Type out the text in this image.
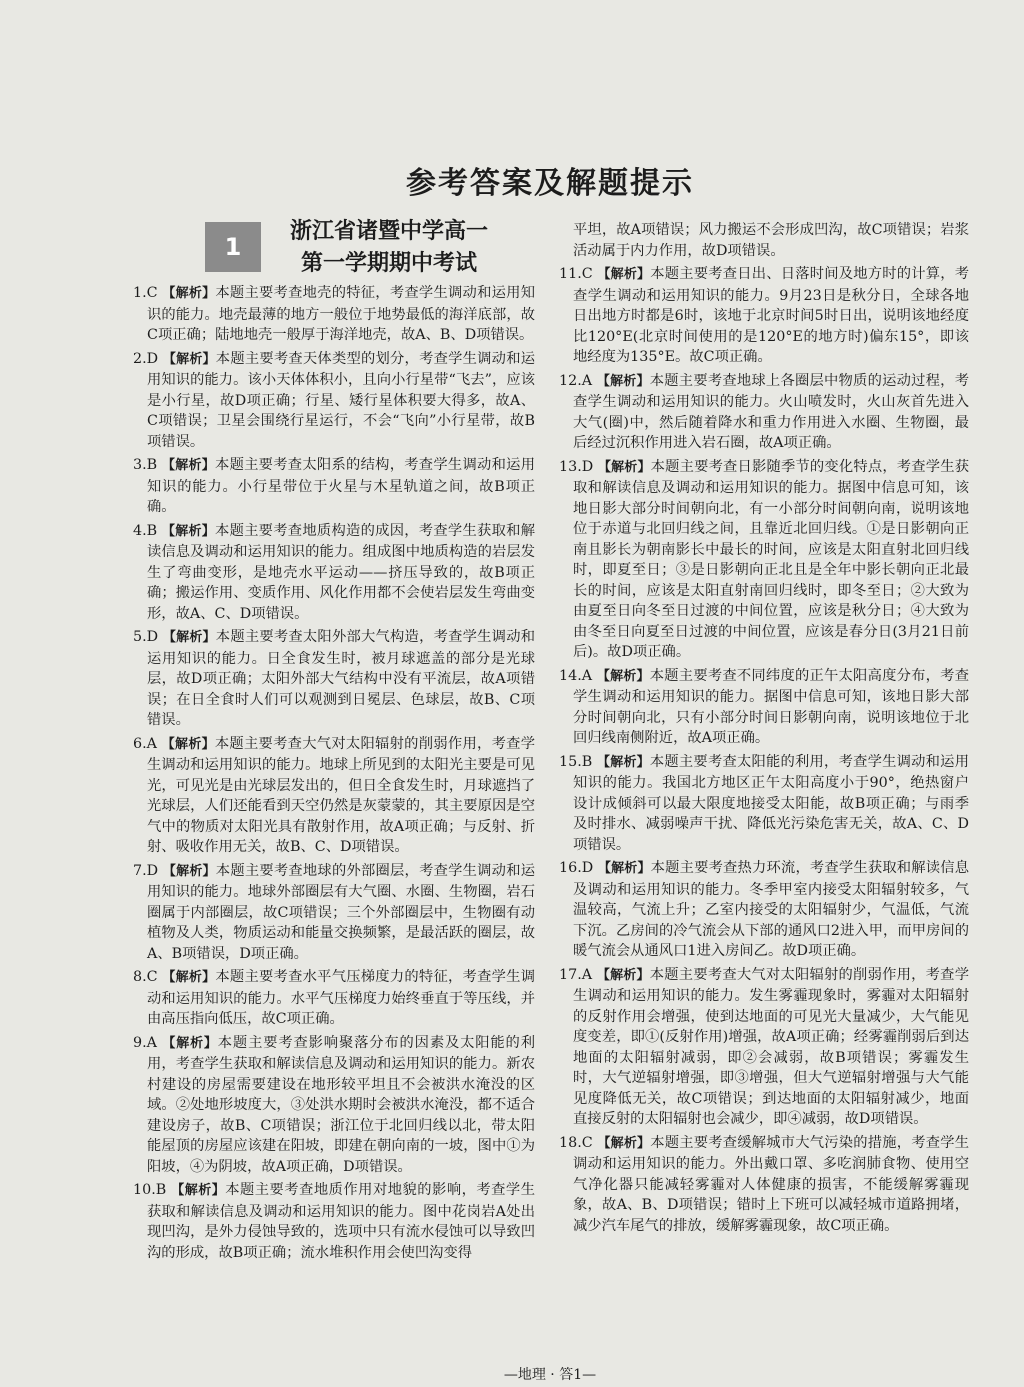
参考答案及解题提示
1
浙江省诸暨中学高一
第一学期期中考试

1.C 【解析】本题主要考查地壳的特征，考查学生调动和运用知识的能力。地壳最薄的地方一般位于地势最低的海洋底部，故C项正确；陆地地壳一般厚于海洋地壳，故A、B、D项错误。

2.D 【解析】本题主要考查天体类型的划分，考查学生调动和运用知识的能力。该小天体体积小，且向小行星带“飞去”，应该是小行星，故D项正确；行星、矮行星体积要大得多，故A、C项错误；卫星会围绕行星运行，不会“飞向”小行星带，故B项错误。

3.B 【解析】本题主要考查太阳系的结构，考查学生调动和运用知识的能力。小行星带位于火星与木星轨道之间，故B项正确。

4.B 【解析】本题主要考查地质构造的成因，考查学生获取和解读信息及调动和运用知识的能力。组成图中地质构造的岩层发生了弯曲变形，是地壳水平运动——挤压导致的，故B项正确；搬运作用、变质作用、风化作用都不会使岩层发生弯曲变形，故A、C、D项错误。

5.D 【解析】本题主要考查太阳外部大气构造，考查学生调动和运用知识的能力。日全食发生时，被月球遮盖的部分是光球层，故D项正确；太阳外部大气结构中没有平流层，故A项错误；在日全食时人们可以观测到日冕层、色球层，故B、C项错误。

6.A 【解析】本题主要考查大气对太阳辐射的削弱作用，考查学生调动和运用知识的能力。地球上所见到的太阳光主要是可见光，可见光是由光球层发出的，但日全食发生时，月球遮挡了光球层，人们还能看到天空仍然是灰蒙蒙的，其主要原因是空气中的物质对太阳光具有散射作用，故A项正确；与反射、折射、吸收作用无关，故B、C、D项错误。

7.D 【解析】本题主要考查地球的外部圈层，考查学生调动和运用知识的能力。地球外部圈层有大气圈、水圈、生物圈，岩石圈属于内部圈层，故C项错误；三个外部圈层中，生物圈有动植物及人类，物质运动和能量交换频繁，是最活跃的圈层，故A、B项错误，D项正确。

8.C 【解析】本题主要考查水平气压梯度力的特征，考查学生调动和运用知识的能力。水平气压梯度力始终垂直于等压线，并由高压指向低压，故C项正确。

9.A 【解析】本题主要考查影响聚落分布的因素及太阳能的利用，考查学生获取和解读信息及调动和运用知识的能力。新农村建设的房屋需要建设在地形较平坦且不会被洪水淹没的区域。②处地形坡度大，③处洪水期时会被洪水淹没，都不适合建设房子，故B、C项错误；浙江位于北回归线以北，带太阳能屋顶的房屋应该建在阳坡，即建在朝向南的一坡，图中①为阳坡，④为阴坡，故A项正确，D项错误。

10.B 【解析】本题主要考查地质作用对地貌的影响，考查学生获取和解读信息及调动和运用知识的能力。图中花岗岩A处出现凹沟，是外力侵蚀导致的，选项中只有流水侵蚀可以导致凹沟的形成，故B项正确；流水堆积作用会使凹沟变得

平坦，故A项错误；风力搬运不会形成凹沟，故C项错误；岩浆活动属于内力作用，故D项错误。

11.C 【解析】本题主要考查日出、日落时间及地方时的计算，考查学生调动和运用知识的能力。9月23日是秋分日，全球各地日出地方时都是6时，该地于北京时间5时日出，说明该地经度比120°E(北京时间使用的是120°E的地方时)偏东15°，即该地经度为135°E。故C项正确。

12.A 【解析】本题主要考查地球上各圈层中物质的运动过程，考查学生调动和运用知识的能力。火山喷发时，火山灰首先进入大气(圈)中，然后随着降水和重力作用进入水圈、生物圈，最后经过沉积作用进入岩石圈，故A项正确。

13.D 【解析】本题主要考查日影随季节的变化特点，考查学生获取和解读信息及调动和运用知识的能力。据图中信息可知，该地日影大部分时间朝向北，有一小部分时间朝向南，说明该地位于赤道与北回归线之间，且靠近北回归线。①是日影朝向正南且影长为朝南影长中最长的时间，应该是太阳直射北回归线时，即夏至日；③是日影朝向正北且是全年中影长朝向正北最长的时间，应该是太阳直射南回归线时，即冬至日；②大致为由夏至日向冬至日过渡的中间位置，应该是秋分日；④大致为由冬至日向夏至日过渡的中间位置，应该是春分日(3月21日前后)。故D项正确。

14.A 【解析】本题主要考查不同纬度的正午太阳高度分布，考查学生调动和运用知识的能力。据图中信息可知，该地日影大部分时间朝向北，只有小部分时间日影朝向南，说明该地位于北回归线南侧附近，故A项正确。

15.B 【解析】本题主要考查太阳能的利用，考查学生调动和运用知识的能力。我国北方地区正午太阳高度小于90°，绝热窗户设计成倾斜可以最大限度地接受太阳能，故B项正确；与雨季及时排水、减弱噪声干扰、降低光污染危害无关，故A、C、D项错误。

16.D 【解析】本题主要考查热力环流，考查学生获取和解读信息及调动和运用知识的能力。冬季甲室内接受太阳辐射较多，气温较高，气流上升；乙室内接受的太阳辐射少，气温低，气流下沉。乙房间的冷气流会从下部的通风口2进入甲，而甲房间的暖气流会从通风口1进入房间乙。故D项正确。

17.A 【解析】本题主要考查大气对太阳辐射的削弱作用，考查学生调动和运用知识的能力。发生雾霾现象时，雾霾对太阳辐射的反射作用会增强，使到达地面的可见光大量减少，大气能见度变差，即①(反射作用)增强，故A项正确；经雾霾削弱后到达地面的太阳辐射减弱，即②会减弱，故B项错误；雾霾发生时，大气逆辐射增强，即③增强，但大气逆辐射增强与大气能见度降低无关，故C项错误；到达地面的太阳辐射减少，地面直接反射的太阳辐射也会减少，即④减弱，故D项错误。

18.C 【解析】本题主要考查缓解城市大气污染的措施，考查学生调动和运用知识的能力。外出戴口罩、多吃润肺食物、使用空气净化器只能减轻雾霾对人体健康的损害，不能缓解雾霾现象，故A、B、D项错误；错时上下班可以减轻城市道路拥堵，减少汽车尾气的排放，缓解雾霾现象，故C项正确。

—地理 · 答1—
